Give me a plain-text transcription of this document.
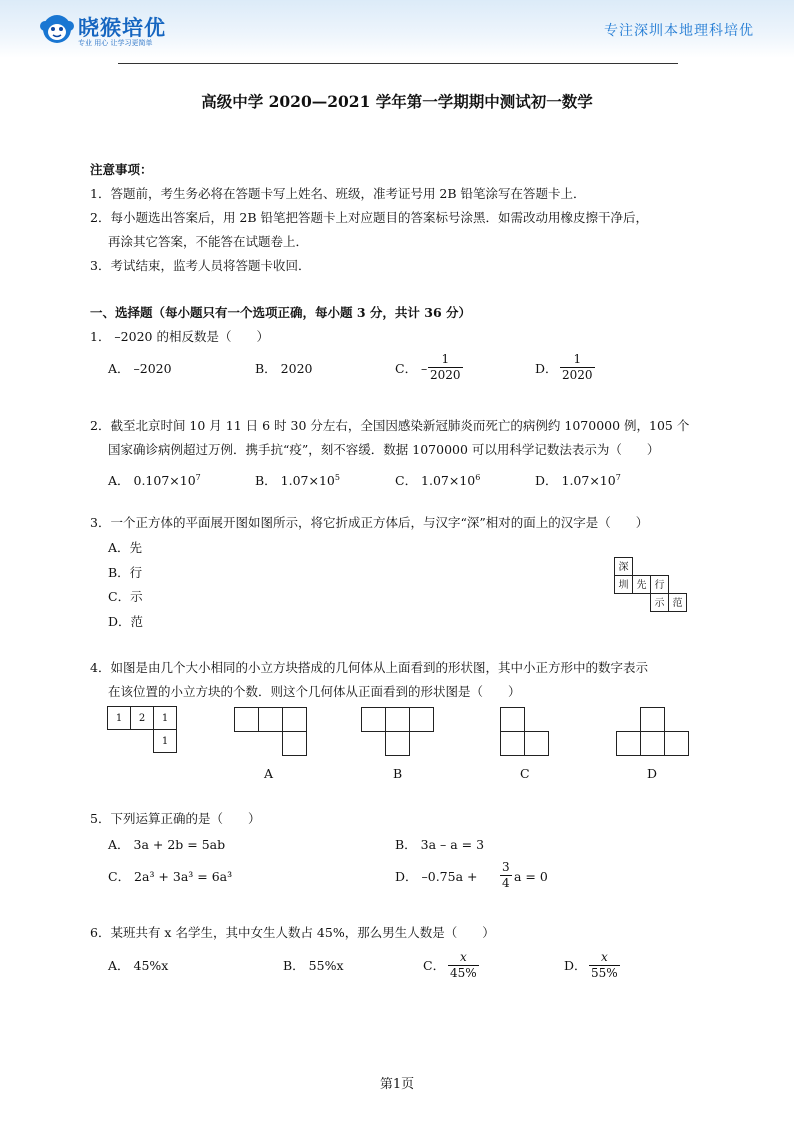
晓猴培优
专业 用心 让学习更简单
专注深圳本地理科培优
高级中学 2020—2021 学年第一学期期中测试初一数学
注意事项：
1．答题前，考生务必将在答题卡写上姓名、班级，准考证号用 2B 铅笔涂写在答题卡上．
2．每小题选出答案后，用 2B 铅笔把答题卡上对应题目的答案标号涂黑．如需改动用橡皮擦干净后，
再涂其它答案，不能答在试题卷上．
3．考试结束，监考人员将答题卡收回．
一、选择题（每小题只有一个选项正确，每小题 3 分，共计 36 分）
1． –2020 的相反数是（　　）
A． –2020	B． 2020	C． – $\frac{1}{2020}$	D． $\frac{1}{2020}$
2．截至北京时间 10 月 11 日 6 时 30 分左右，全国因感染新冠肺炎而死亡的病例约 1070000 例，105 个
国家确诊病例超过万例．携手抗“疫”，刻不容缓．数据 1070000 可以用科学记数法表示为（　　）
A． $0.107\times 10^7$	B． $1.07\times 10^5$	C． $1.07\times 10^6$	D． $1.07\times 10^7$
3．一个正方体的平面展开图如图所示，将它折成正方体后，与汉字“深”相对的面上的汉字是（　　）
A．先
B．行
C．示
D．范
深
圳 先 行
示 范
4．如图是由几个大小相同的小立方块搭成的几何体从上面看到的形状图，其中小正方形中的数字表示
在该位置的小立方块的个数．则这个几何体从正面看到的形状图是（　　）
1	2	1
1
A	B	C	D
5．下列运算正确的是（　　）
A． 3a + 2b = 5ab	B． 3a – a = 3
C． 2a³ + 3a³ = 6a³	D． $-0.75a + \frac{3}{4}$ a = 0
6．某班共有 x 名学生，其中女生人数占 45%，那么男生人数是（　　）
A． 45%x	B． 55%x	C． $\frac{x}{45\%}$	D． $\frac{x}{55\%}$
第1页
